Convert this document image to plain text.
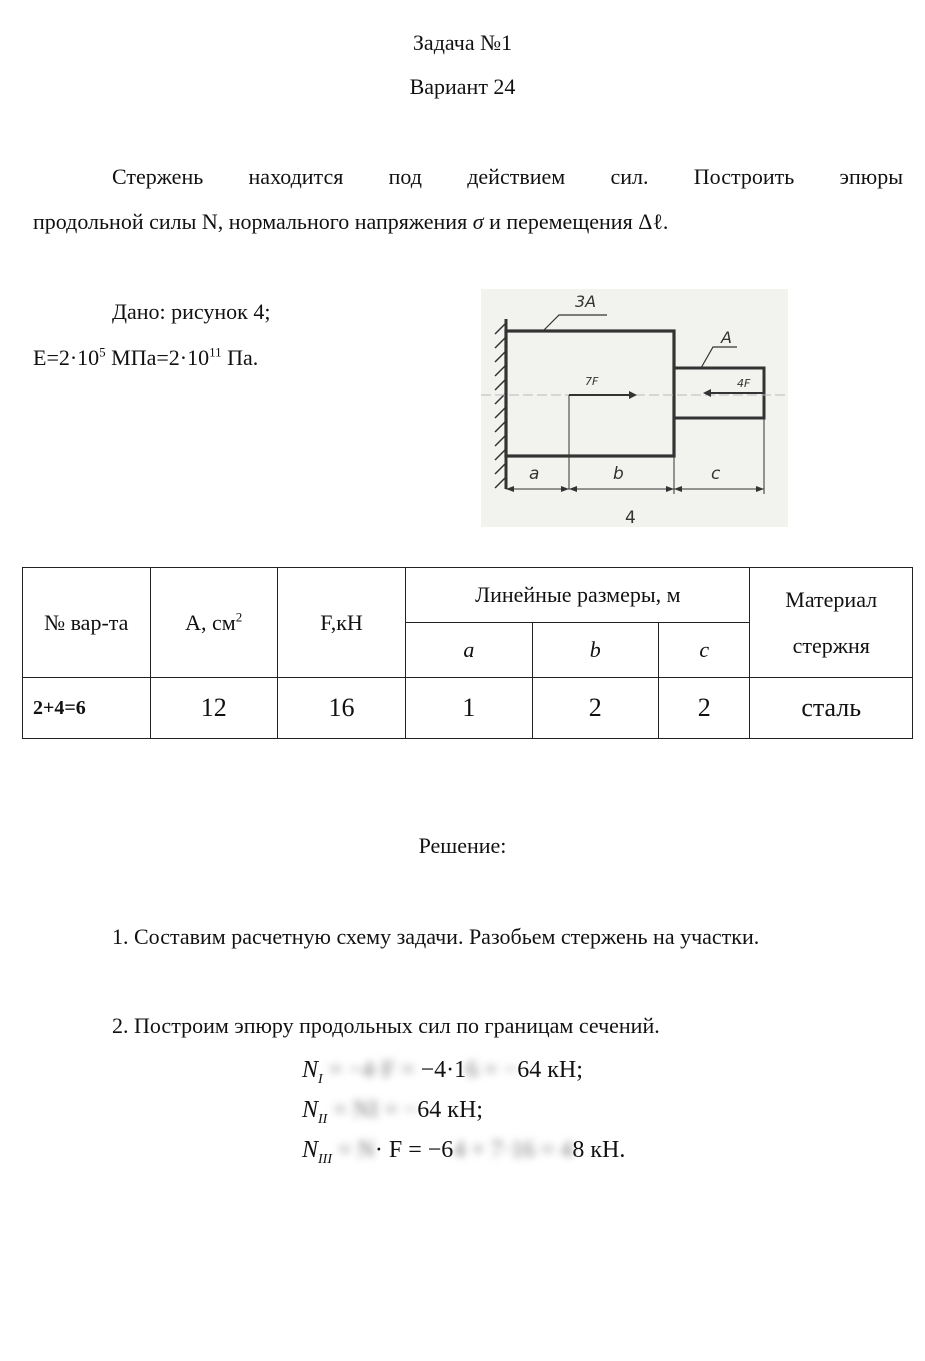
Задача №1
Вариант 24
Стержень находится под действием сил. Построить эпюры
продольной силы N, нормального напряжения σ и перемещения Δℓ.
Дано: рисунок 4;
$E=2\cdot 10^5$ $МПа=2\cdot 10^{11}$ Па.
3A
A
7F	4F
a	b	c
4
№ вар-та	A, $см^2$	F,кН	Линейные размеры, м			Материал
стержня

			a	b	c	
2+4=6	12	16	1	2	2	сталь
Решение:
1. Составим расчетную схему задачи. Разобьем стержень на участки.
2. Построим эпюру продольных сил по границам сечений.
$N_I = -4\cdot F = -4\cdot 16 = -64$ кН;
$N_{II}$ = NI = −64 кН;
$N_{III} = N\cdot F = -64 + 7\cdot 16 = 48$ кН.
